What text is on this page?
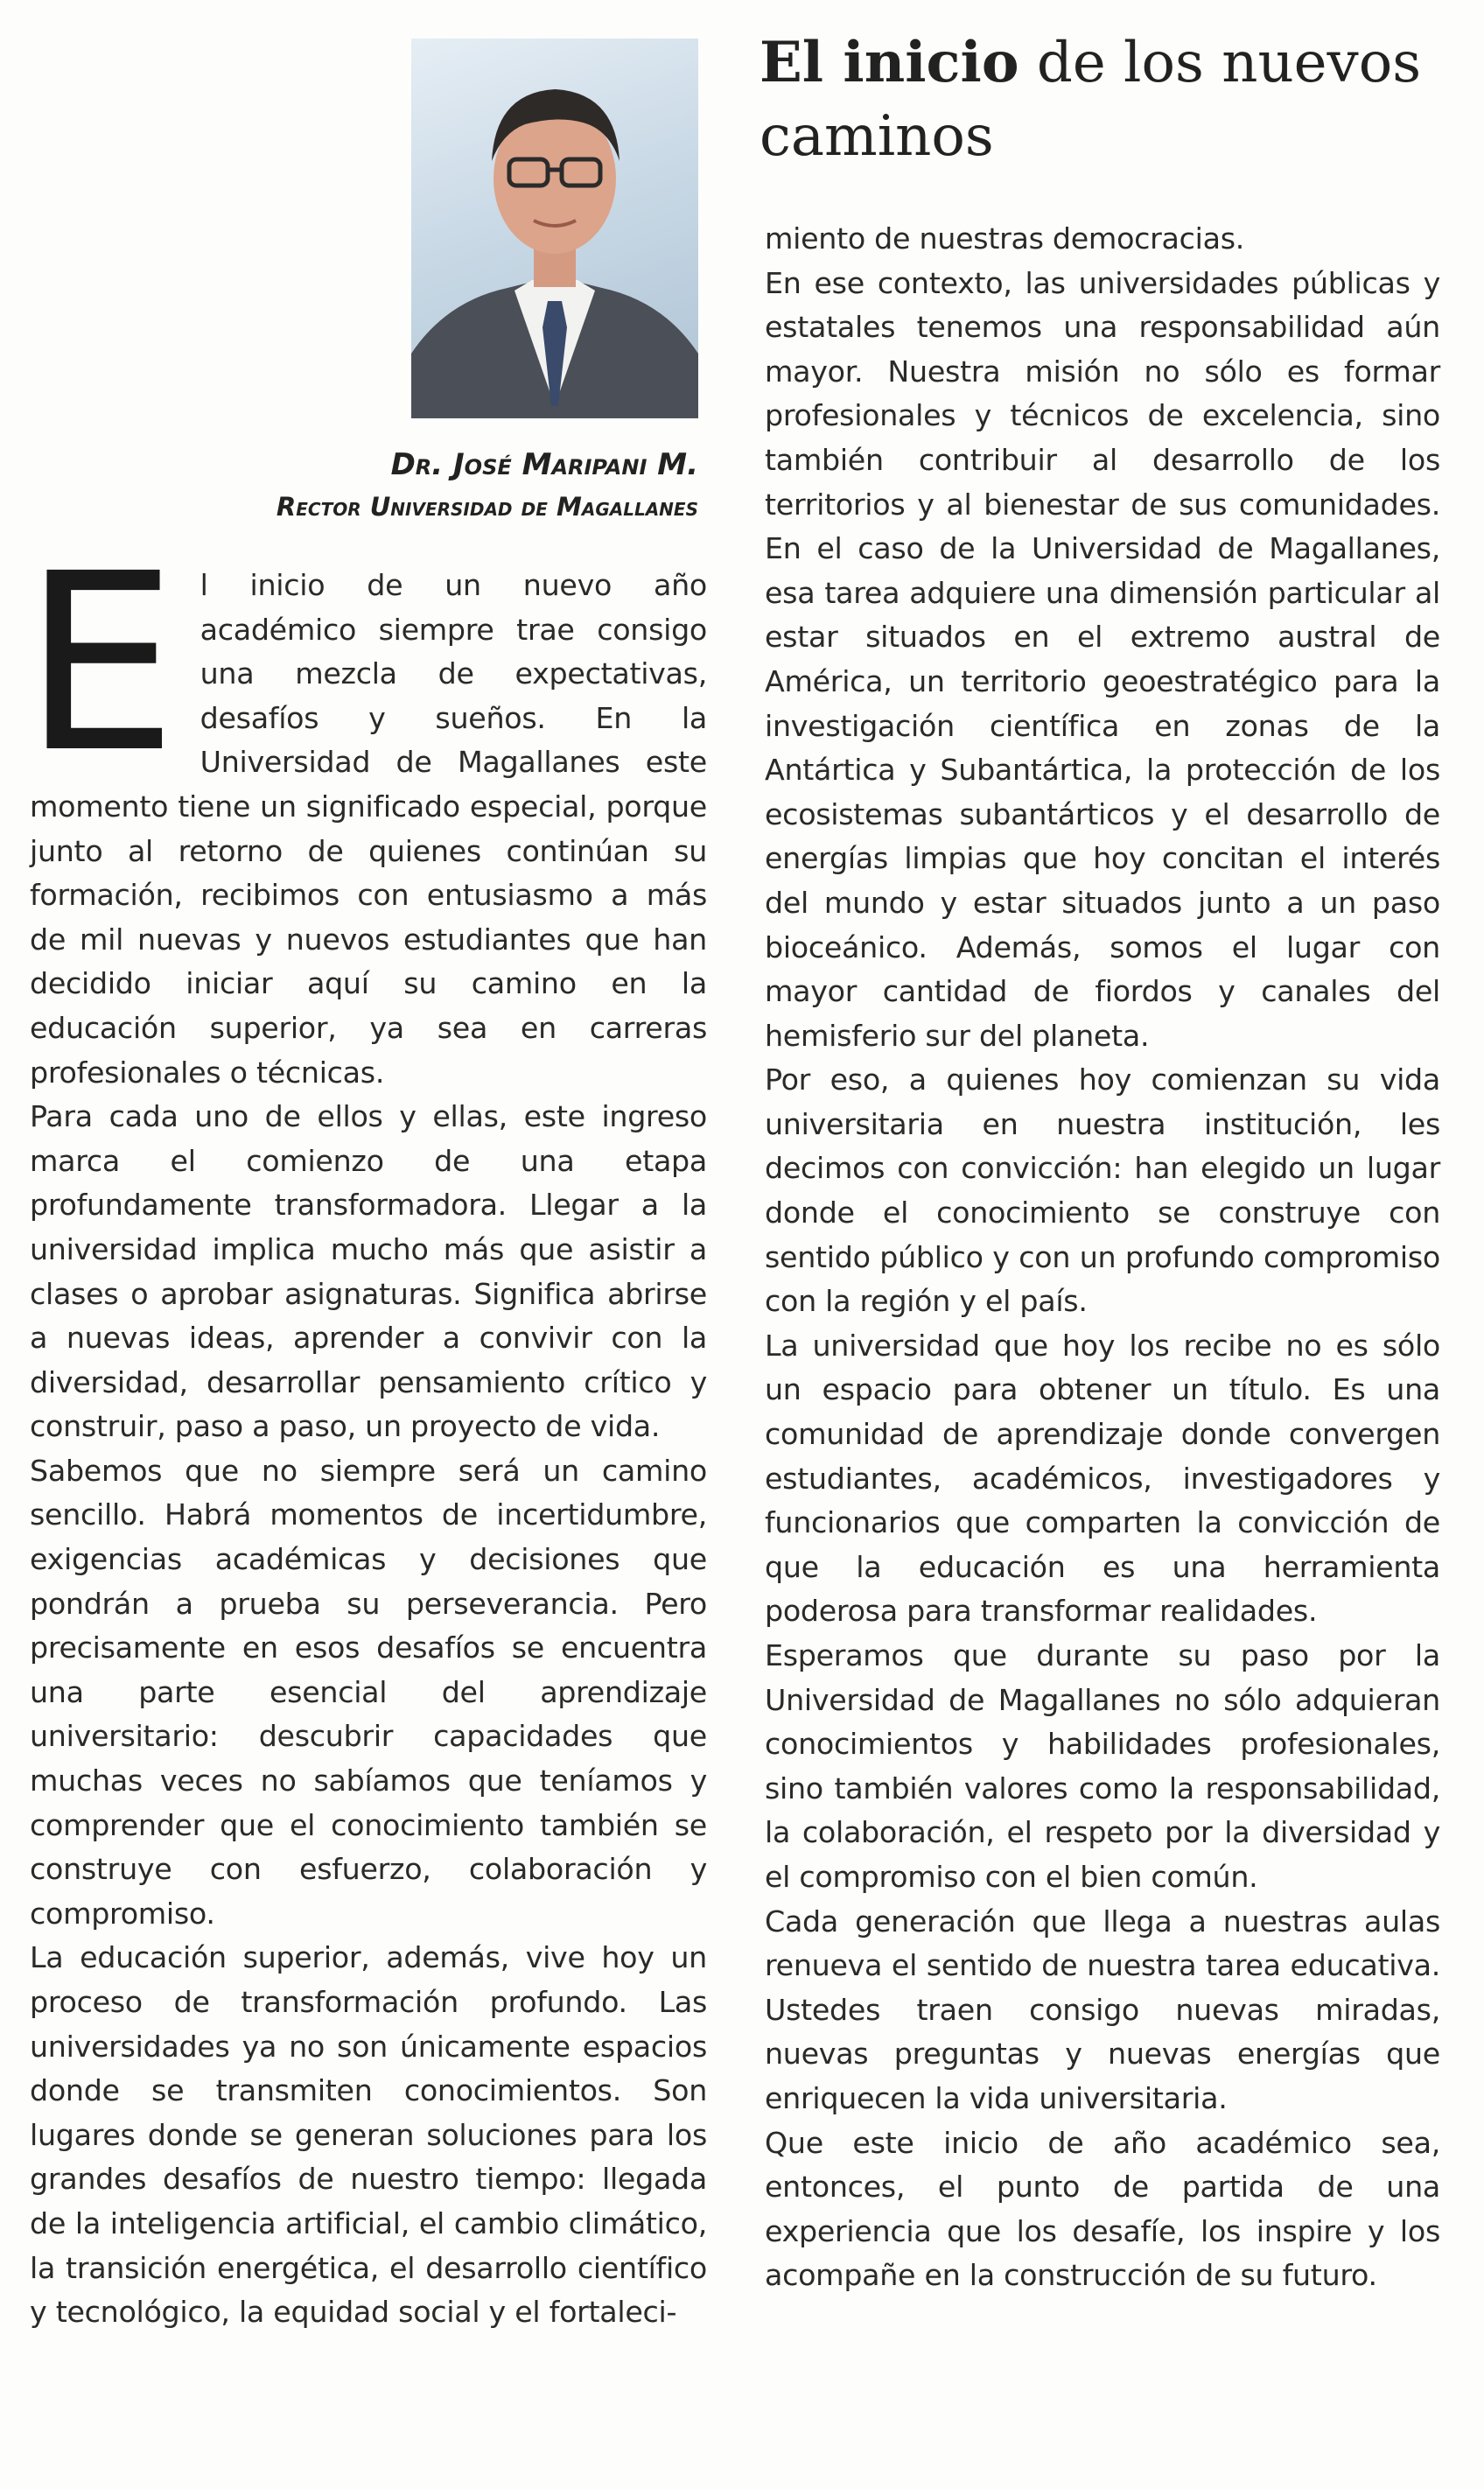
El inicio de los nuevos caminos
Dr. José Maripani M.
Rector Universidad de Magallanes
E l inicio de un nuevo año académico siempre trae consigo una mezcla de expectativas, desafíos y sueños. En la Universidad de Magallanes este momento tiene un significado especial, porque junto al retorno de quienes continúan su formación, recibimos con entusiasmo a más de mil nuevas y nuevos estudiantes que han decidido iniciar aquí su camino en la educación superior, ya sea en carreras profesionales o técnicas.

Para cada uno de ellos y ellas, este ingreso marca el comienzo de una etapa profundamente transformadora. Llegar a la universidad implica mucho más que asistir a clases o aprobar asignaturas. Significa abrirse a nuevas ideas, aprender a convivir con la diversidad, desarrollar pensamiento crítico y construir, paso a paso, un proyecto de vida.

Sabemos que no siempre será un camino sencillo. Habrá momentos de incertidumbre, exigencias académicas y decisiones que pondrán a prueba su perseverancia. Pero precisamente en esos desafíos se encuentra una parte esencial del aprendizaje universitario: descubrir capacidades que muchas veces no sabíamos que teníamos y comprender que el conocimiento también se construye con esfuerzo, colaboración y compromiso.

La educación superior, además, vive hoy un proceso de transformación profundo. Las universidades ya no son únicamente espacios donde se transmiten conocimientos. Son lugares donde se generan soluciones para los grandes desafíos de nuestro tiempo: llegada de la inteligencia artificial, el cambio climático, la transición energética, el desarrollo científico y tecnológico, la equidad social y el fortaleci-

miento de nuestras democracias.

En ese contexto, las universidades públicas y estatales tenemos una responsabilidad aún mayor. Nuestra misión no sólo es formar profesionales y técnicos de excelencia, sino también contribuir al desarrollo de los territorios y al bienestar de sus comunidades. En el caso de la Universidad de Magallanes, esa tarea adquiere una dimensión particular al estar situados en el extremo austral de América, un territorio geoestratégico para la investigación científica en zonas de la Antártica y Subantártica, la protección de los ecosistemas subantárticos y el desarrollo de energías limpias que hoy concitan el interés del mundo y estar situados junto a un paso bioceánico. Además, somos el lugar con mayor cantidad de fiordos y canales del hemisferio sur del planeta.

Por eso, a quienes hoy comienzan su vida universitaria en nuestra institución, les decimos con convicción: han elegido un lugar donde el conocimiento se construye con sentido público y con un profundo compromiso con la región y el país.

La universidad que hoy los recibe no es sólo un espacio para obtener un título. Es una comunidad de aprendizaje donde convergen estudiantes, académicos, investigadores y funcionarios que comparten la convicción de que la educación es una herramienta poderosa para transformar realidades.

Esperamos que durante su paso por la Universidad de Magallanes no sólo adquieran conocimientos y habilidades profesionales, sino también valores como la responsabilidad, la colaboración, el respeto por la diversidad y el compromiso con el bien común.

Cada generación que llega a nuestras aulas renueva el sentido de nuestra tarea educativa. Ustedes traen consigo nuevas miradas, nuevas preguntas y nuevas energías que enriquecen la vida universitaria.

Que este inicio de año académico sea, entonces, el punto de partida de una experiencia que los desafíe, los inspire y los acompañe en la construcción de su futuro.
